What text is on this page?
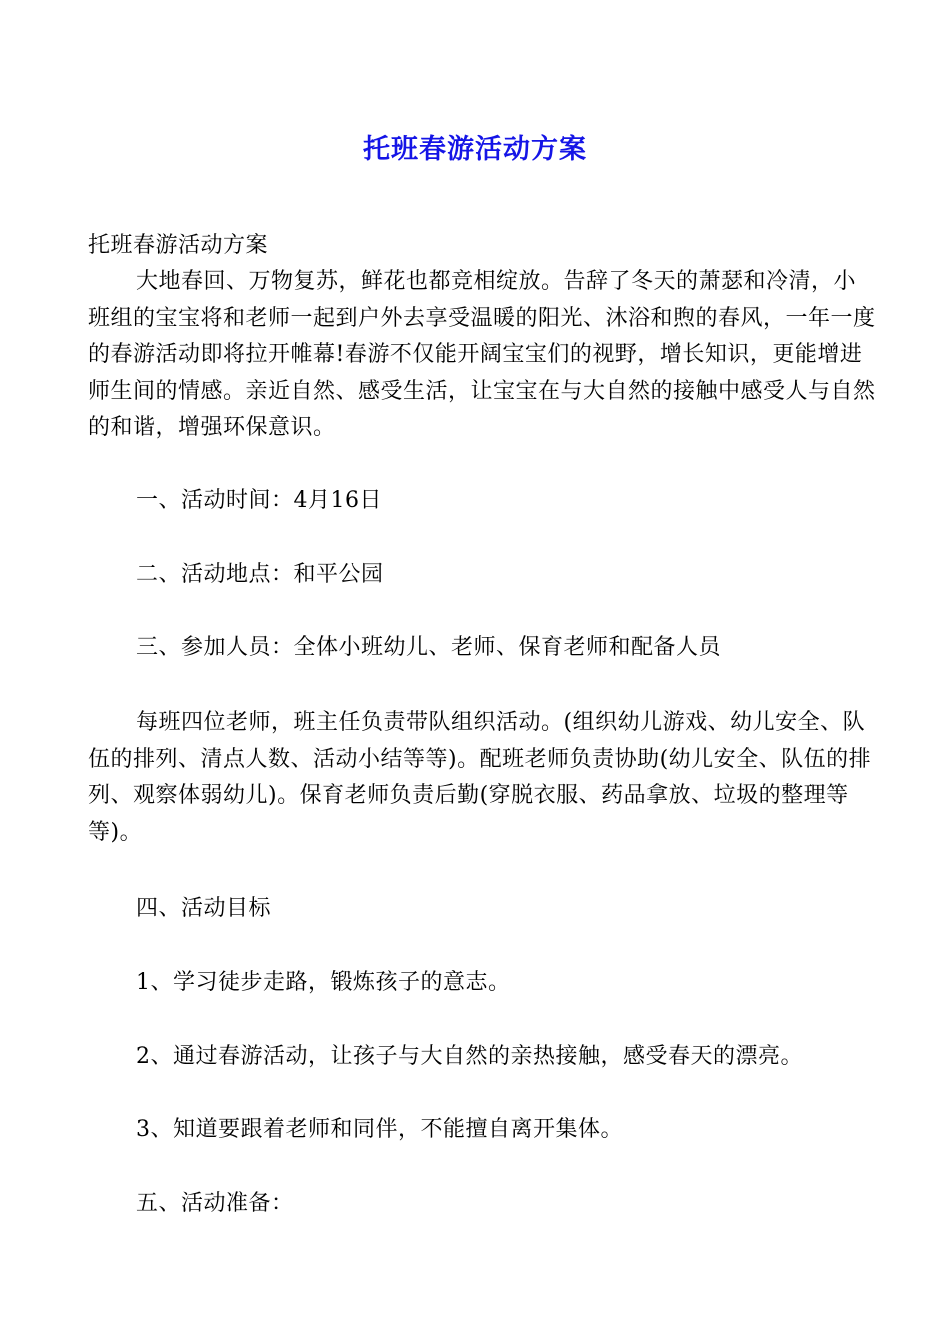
托班春游活动方案
托班春游活动方案
大地春回、万物复苏，鲜花也都竞相绽放。告辞了冬天的萧瑟和冷清，小班组的宝宝将和老师一起到户外去享受温暖的阳光、沐浴和煦的春风，一年一度的春游活动即将拉开帷幕!春游不仅能开阔宝宝们的视野，增长知识，更能增进师生间的情感。亲近自然、感受生活，让宝宝在与大自然的接触中感受人与自然的和谐，增强环保意识。
一、活动时间：4月16日
二、活动地点：和平公园
三、参加人员：全体小班幼儿、老师、保育老师和配备人员
每班四位老师，班主任负责带队组织活动。(组织幼儿游戏、幼儿安全、队伍的排列、清点人数、活动小结等等)。配班老师负责协助(幼儿安全、队伍的排列、观察体弱幼儿)。保育老师负责后勤(穿脱衣服、药品拿放、垃圾的整理等等)。
四、活动目标
1、学习徒步走路，锻炼孩子的意志。
2、通过春游活动，让孩子与大自然的亲热接触，感受春天的漂亮。
3、知道要跟着老师和同伴，不能擅自离开集体。
五、活动准备：
